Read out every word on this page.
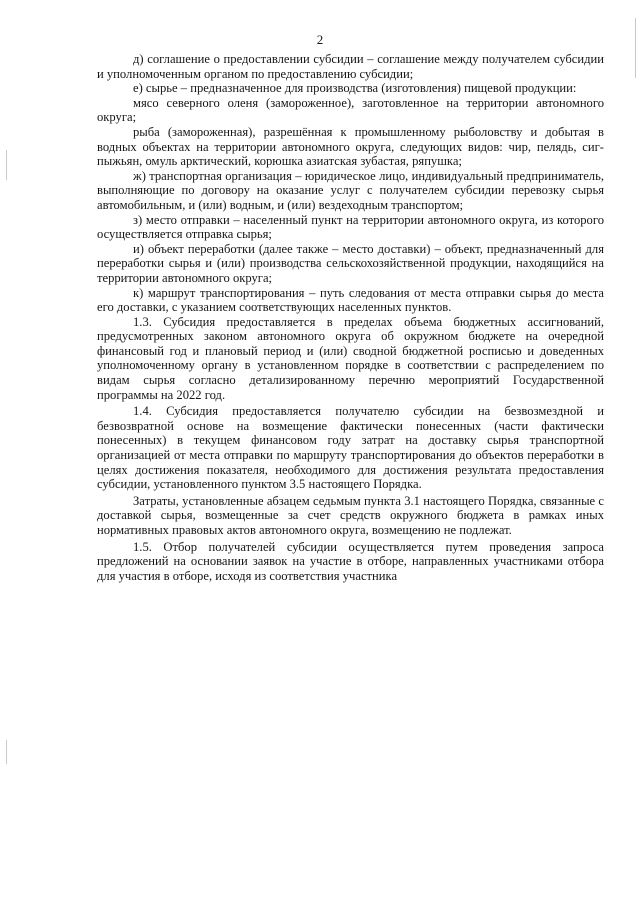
2

д) соглашение о предоставлении субсидии – соглашение между получателем субсидии и уполномоченным органом по предоставлению субсидии;

е) сырье – предназначенное для производства (изготовления) пищевой продукции:

мясо северного оленя (замороженное), заготовленное на территории автономного округа;

рыба (замороженная), разрешённая к промышленному рыболовству и добытая в водных объектах на территории автономного округа, следующих видов: чир, пелядь, сиг-пыжьян, омуль арктический, корюшка азиатская зубастая, ряпушка;

ж) транспортная организация – юридическое лицо, индивидуальный предприниматель, выполняющие по договору на оказание услуг с получателем субсидии перевозку сырья автомобильным, и (или) водным, и (или) вездеходным транспортом;

з) место отправки – населенный пункт на территории автономного округа, из которого осуществляется отправка сырья;

и) объект переработки (далее также – место доставки) – объект, предназначенный для переработки сырья и (или) производства сельскохозяйственной продукции, находящийся на территории автономного округа;

к) маршрут транспортирования – путь следования от места отправки сырья до места его доставки, с указанием соответствующих населенных пунктов.

1.3. Субсидия предоставляется в пределах объема бюджетных ассигнований, предусмотренных законом автономного округа об окружном бюджете на очередной финансовый год и плановый период и (или) сводной бюджетной росписью и доведенных уполномоченному органу в установленном порядке в соответствии с распределением по видам сырья согласно детализированному перечню мероприятий Государственной программы на 2022 год.

1.4. Субсидия предоставляется получателю субсидии на безвозмездной и безвозвратной основе на возмещение фактически понесенных (части фактически понесенных) в текущем финансовом году затрат на доставку сырья транспортной организацией от места отправки по маршруту транспортирования до объектов переработки в целях достижения показателя, необходимого для достижения результата предоставления субсидии, установленного пунктом 3.5 настоящего Порядка.

Затраты, установленные абзацем седьмым пункта 3.1 настоящего Порядка, связанные с доставкой сырья, возмещенные за счет средств окружного бюджета в рамках иных нормативных правовых актов автономного округа, возмещению не подлежат.

1.5. Отбор получателей субсидии осуществляется путем проведения запроса предложений на основании заявок на участие в отборе, направленных участниками отбора для участия в отборе, исходя из соответствия участника
